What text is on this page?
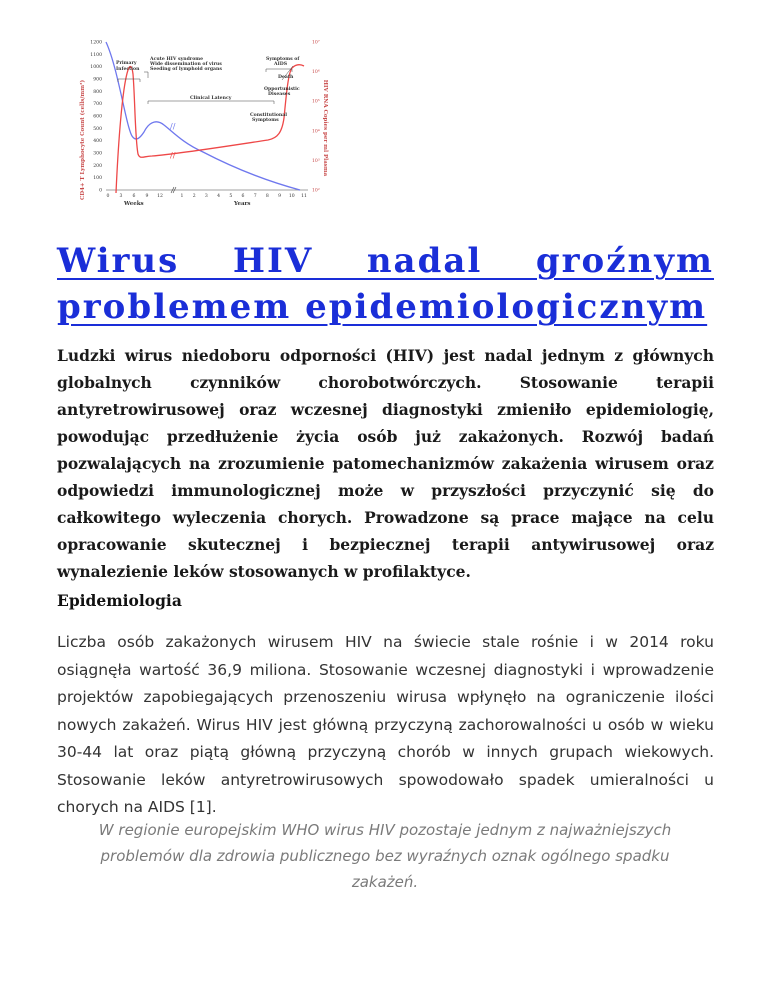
CD4+ T Lymphocyte Count (cells/mm³)	HIV RNA Copies per ml Plasma
1200
1100
1000
900
800
700
600
500
400
300
200
100
0
10⁷
10⁶
10⁵
10⁴
10³
10²
0 3 6 9 12	1 2 3 4 5 6 7 8 9 10 11
//
//
Primary Infection
Acute HIV syndrome Wide dissemination of virus Seeding of lymphoid organs
Symptoms of AIDS
Death
Opportunistic Diseases
Clinical Latency
Constitutional Symptoms
Weeks	Years
Wirus HIV nadal groźnym problemem epidemiologicznym

Ludzki wirus niedoboru odporności (HIV) jest nadal jednym z głównych globalnych czynników chorobotwórczych. Stosowanie terapii antyretrowirusowej oraz wczesnej diagnostyki zmieniło epidemiologię, powodując przedłużenie życia osób już zakażonych. Rozwój badań pozwalających na zrozumienie patomechanizmów zakażenia wirusem oraz odpowiedzi immunologicznej może w przyszłości przyczynić się do całkowitego wyleczenia chorych. Prowadzone są prace mające na celu opracowanie skutecznej i bezpiecznej terapii antywirusowej oraz wynalezienie leków stosowanych w profilaktyce.

Epidemiologia

Liczba osób zakażonych wirusem HIV na świecie stale rośnie i w 2014 roku osiągnęła wartość 36,9 miliona. Stosowanie wczesnej diagnostyki i wprowadzenie projektów zapobiegających przenoszeniu wirusa wpłynęło na ograniczenie ilości nowych zakażeń. Wirus HIV jest główną przyczyną zachorowalności u osób w wieku 30-44 lat oraz piątą główną przyczyną chorób w innych grupach wiekowych. Stosowanie leków antyretrowirusowych spowodowało spadek umieralności u chorych na AIDS [1].

W regionie europejskim WHO wirus HIV pozostaje jednym z najważniejszych problemów dla zdrowia publicznego bez wyraźnych oznak ogólnego spadku zakażeń.
